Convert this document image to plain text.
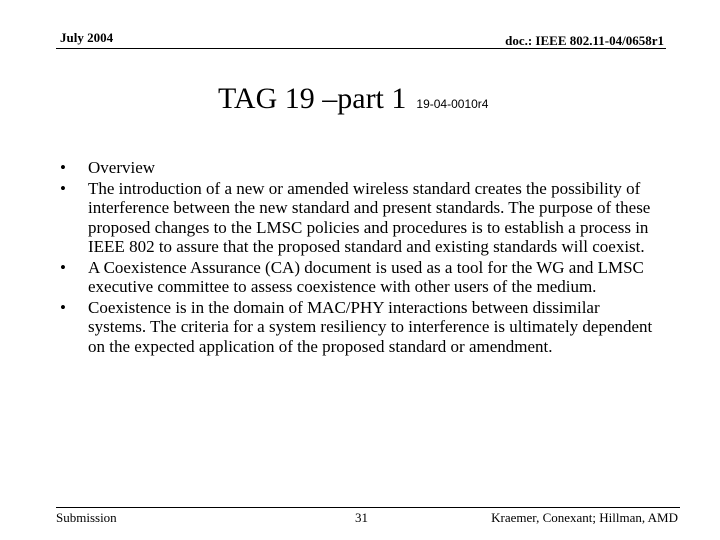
July 2004	doc.: IEEE 802.11-04/0658r1
TAG 19 –part 1 19-04-0010r4
• Overview
• The introduction of a new or amended wireless standard creates the possibility of interference between the new standard and present standards. The purpose of these proposed changes to the LMSC policies and procedures is to establish a process in IEEE 802 to assure that the proposed standard and existing standards will coexist.
• A Coexistence Assurance (CA) document is used as a tool for the WG and LMSC executive committee to assess coexistence with other users of the medium.
• Coexistence is in the domain of MAC/PHY interactions between dissimilar systems. The criteria for a system resiliency to interference is ultimately dependent on the expected application of the proposed standard or amendment.
Submission	31	Kraemer, Conexant; Hillman, AMD
